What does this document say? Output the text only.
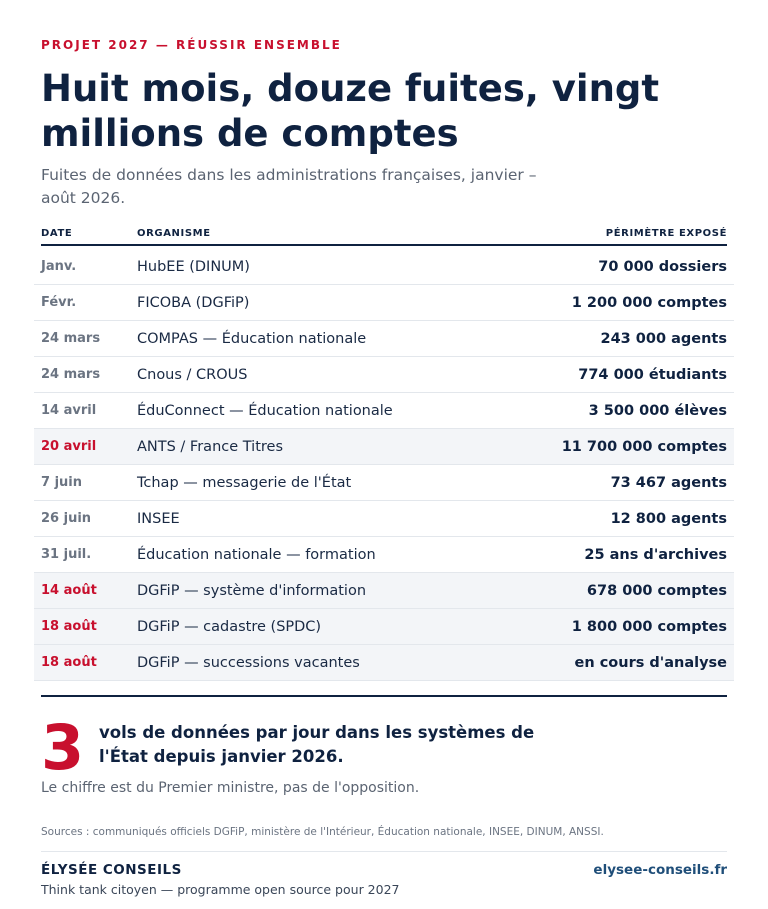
PROJET 2027 — RÉUSSIR ENSEMBLE
Huit mois, douze fuites, vingt millions de comptes

Fuites de données dans les administrations françaises, janvier – août 2026.

DATE	ORGANISME	PÉRIMÈTRE EXPOSÉ
Janv.	HubEE (DINUM)	70 000 dossiers
Févr.	FICOBA (DGFiP)	1 200 000 comptes
24 mars	COMPAS — Éducation nationale	243 000 agents
24 mars	Cnous / CROUS	774 000 étudiants
14 avril	ÉduConnect — Éducation nationale	3 500 000 élèves
20 avril	ANTS / France Titres	11 700 000 comptes
7 juin	Tchap — messagerie de l'État	73 467 agents
26 juin	INSEE	12 800 agents
31 juil.	Éducation nationale — formation	25 ans d'archives
14 août	DGFiP — système d'information	678 000 comptes
18 août	DGFiP — cadastre (SPDC)	1 800 000 comptes
18 août	DGFiP — successions vacantes	en cours d'analyse
3 vols de données par jour dans les systèmes de l'État depuis janvier 2026.

Le chiffre est du Premier ministre, pas de l'opposition.
Sources : communiqués officiels DGFiP, ministère de l'Intérieur, Éducation nationale, INSEE, DINUM, ANSSI.
ÉLYSÉE CONSEILS
Think tank citoyen — programme open source pour 2027
elysee-conseils.fr
